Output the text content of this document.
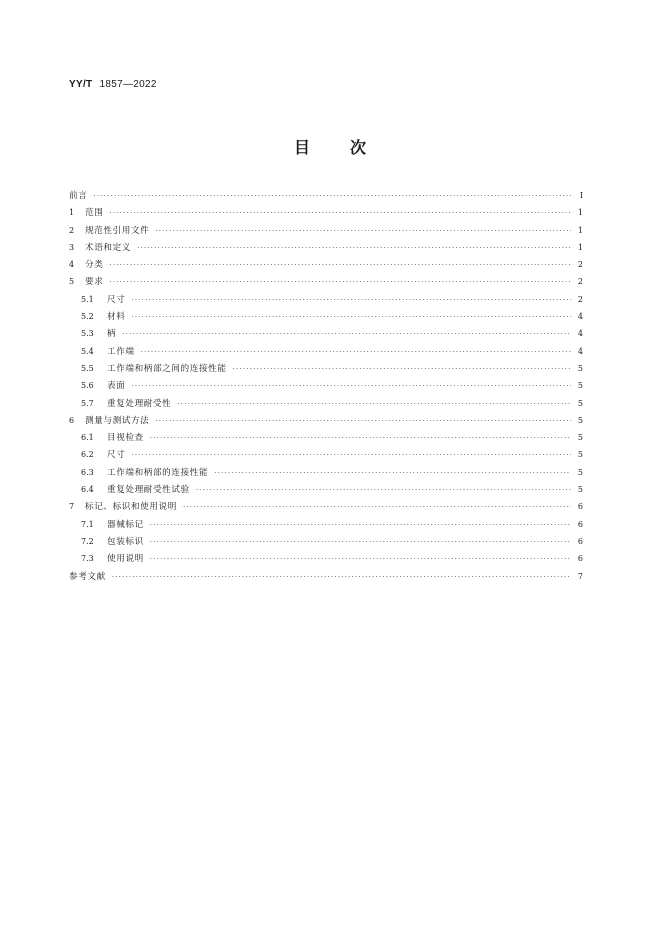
YY/T 1857—2022
目 次
前言 ·····	Ⅰ
1	范围 ·····	1
2	规范性引用文件 ·····	1
3	术语和定义 ·····	1
4	分类 ·····	2
5	要求 ·····	2
5.1	尺寸 ·····	2
5.2	材料 ·····	4
5.3	柄 ·····	4
5.4	工作端 ·····	4
5.5	工作端和柄部之间的连接性能 ·····	5
5.6	表面 ·····	5
5.7	重复处理耐受性 ·····	5
6	测量与测试方法 ·····	5
6.1	目视检查 ·····	5
6.2	尺寸 ·····	5
6.3	工作端和柄部的连接性能 ·····	5
6.4	重复处理耐受性试验 ·····	5
7	标记、标识和使用说明 ·····	6
7.1	器械标记 ·····	6
7.2	包装标识 ·····	6
7.3	使用说明 ·····	6
参考文献 ·····	7
